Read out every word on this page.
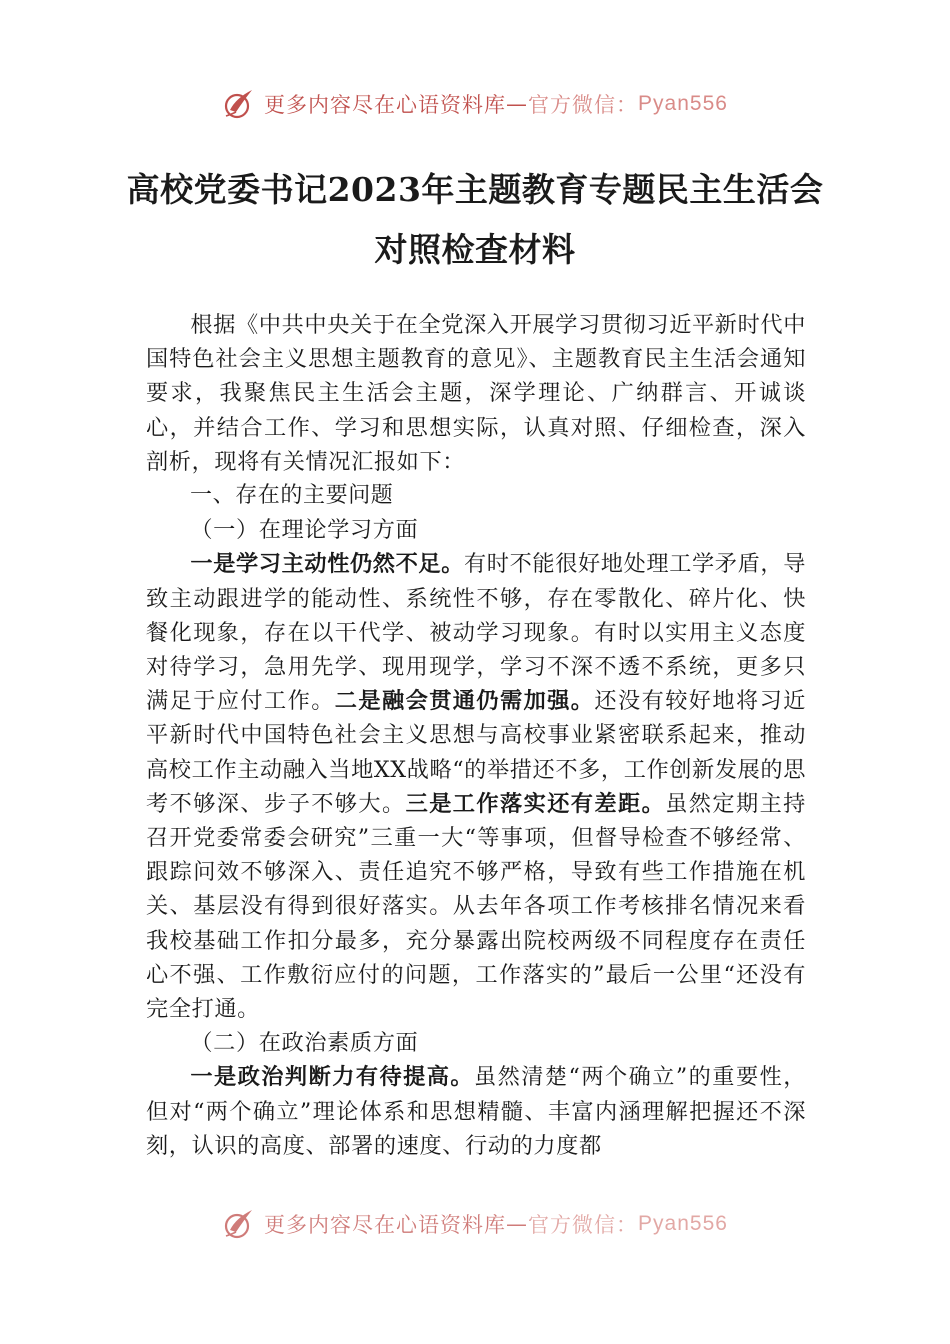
更多内容尽在心语资料库 — 官方微信： Pyan556
高校党委书记2023年主题教育专题民主生活会对照检查材料

根据《中共中央关于在全党深入开展学习贯彻习近平新时代中国特色社会主义思想主题教育的意见》、主题教育民主生活会通知要求，我聚焦民主生活会主题，深学理论、广纳群言、开诚谈心，并结合工作、学习和思想实际，认真对照、仔细检查，深入剖析，现将有关情况汇报如下：

一、存在的主要问题

（一）在理论学习方面

一是学习主动性仍然不足。有时不能很好地处理工学矛盾，导致主动跟进学的能动性、系统性不够，存在零散化、碎片化、快餐化现象，存在以干代学、被动学习现象。有时以实用主义态度对待学习，急用先学、现用现学，学习不深不透不系统，更多只满足于应付工作。二是融会贯通仍需加强。还没有较好地将习近平新时代中国特色社会主义思想与高校事业紧密联系起来，推动高校工作主动融入当地XX战略“的举措还不多，工作创新发展的思考不够深、步子不够大。三是工作落实还有差距。虽然定期主持召开党委常委会研究”三重一大“等事项，但督导检查不够经常、跟踪问效不够深入、责任追究不够严格，导致有些工作措施在机关、基层没有得到很好落实。从去年各项工作考核排名情况来看我校基础工作扣分最多，充分暴露出院校两级不同程度存在责任心不强、工作敷衍应付的问题，工作落实的”最后一公里“还没有完全打通。

（二）在政治素质方面

一是政治判断力有待提高。虽然清楚“两个确立”的重要性，但对“两个确立”理论体系和思想精髓、丰富内涵理解把握还不深刻，认识的高度、部署的速度、行动的力度都

更多内容尽在心语资料库 — 官方微信： Pyan556
